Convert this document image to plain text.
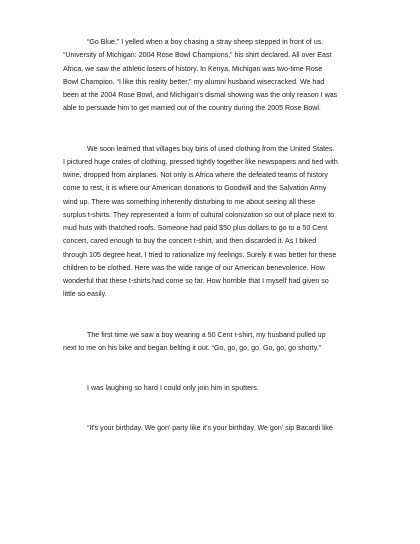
“Go Blue,” I yelled when a boy chasing a stray sheep stepped in front of us.
“University of Michigan: 2004 Rose Bowl Champions,” his shirt declared. All over East
Africa, we saw the athletic losers of history. In Kenya, Michigan was two-time Rose
Bowl Champion. “I like this reality better,” my alumni husband wisecracked. We had
been at the 2004 Rose Bowl, and Michigan's dismal showing was the only reason I was
able to persuade him to get married out of the country during the 2005 Rose Bowl.

We soon learned that villages buy bins of used clothing from the United States.
I pictured huge crates of clothing, pressed tightly together like newspapers and tied with
twine, dropped from airplanes. Not only is Africa where the defeated teams of history
come to rest, it is where our American donations to Goodwill and the Salvation Army
wind up. There was something inherently disturbing to me about seeing all these
surplus t-shirts. They represented a form of cultural colonization so out of place next to
mud huts with thatched roofs. Someone had paid $50 plus dollars to go to a 50 Cent
concert, cared enough to buy the concert t-shirt, and then discarded it. As I biked
through 105 degree heat, I tried to rationalize my feelings. Surely it was better for these
children to be clothed. Here was the wide range of our American benevolence. How
wonderful that these t-shirts had come so far. How horrible that I myself had given so
little so easily.

The first time we saw a boy wearing a 50 Cent t-shirt, my husband pulled up
next to me on his bike and began belting it out. “Go, go, go, go. Go, go, go shorty.”

I was laughing so hard I could only join him in sputters.

“It's your birthday. We gon' party like it's your birthday. We gon' sip Bacardi like
